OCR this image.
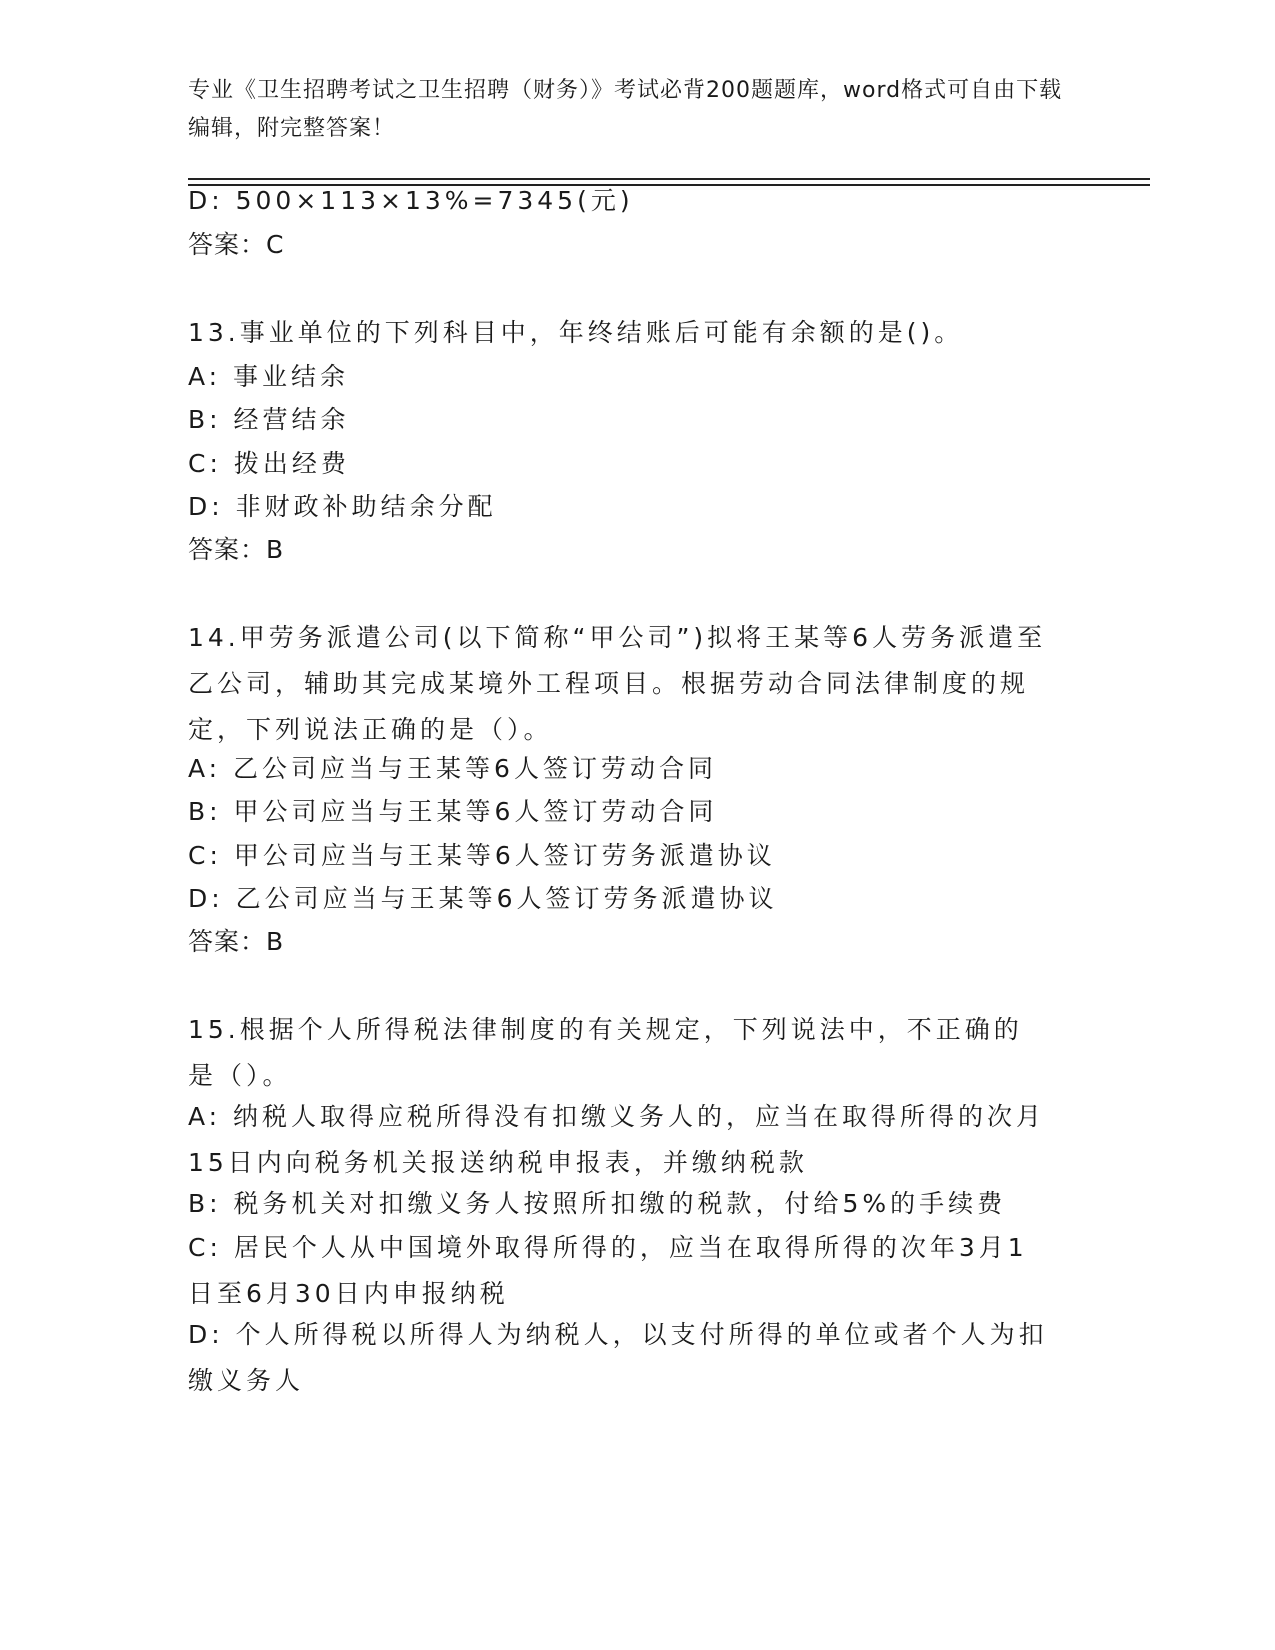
专业《卫生招聘考试之卫生招聘（财务）》考试必背200题题库，word格式可自由下载编辑，附完整答案！
D: 500×113×13%=7345(元)
答案：C
13.事业单位的下列科目中，年终结账后可能有余额的是()。
A: 事业结余
B: 经营结余
C: 拨出经费
D: 非财政补助结余分配
答案：B
14.甲劳务派遣公司(以下简称“甲公司”)拟将王某等6人劳务派遣至乙公司，辅助其完成某境外工程项目。根据劳动合同法律制度的规定，下列说法正确的是（）。
A: 乙公司应当与王某等6人签订劳动合同
B: 甲公司应当与王某等6人签订劳动合同
C: 甲公司应当与王某等6人签订劳务派遣协议
D: 乙公司应当与王某等6人签订劳务派遣协议
答案：B
15.根据个人所得税法律制度的有关规定，下列说法中，不正确的是（）。
A: 纳税人取得应税所得没有扣缴义务人的，应当在取得所得的次月15日内向税务机关报送纳税申报表，并缴纳税款
B: 税务机关对扣缴义务人按照所扣缴的税款，付给5%的手续费
C: 居民个人从中国境外取得所得的，应当在取得所得的次年3月1日至6月30日内申报纳税
D: 个人所得税以所得人为纳税人，以支付所得的单位或者个人为扣缴义务人
